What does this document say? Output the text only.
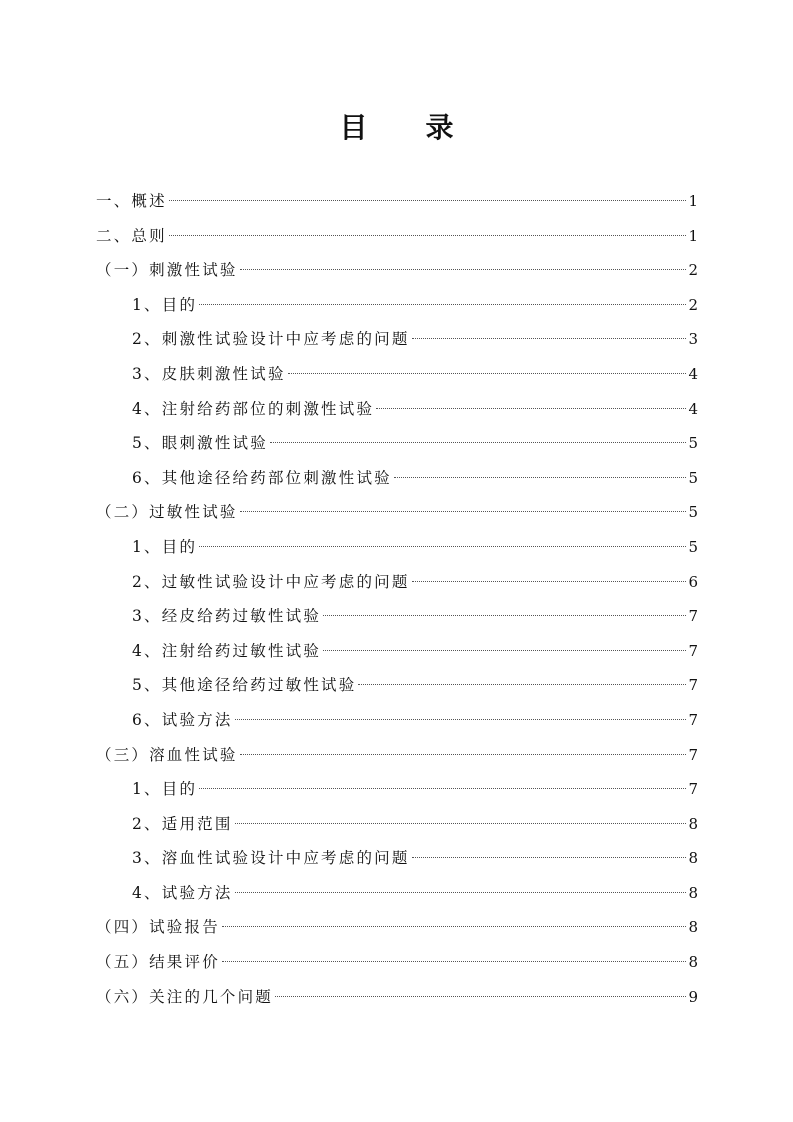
目 录
一、概述	1
二、总则	1
（一）刺激性试验	2
1、目的	2
2、刺激性试验设计中应考虑的问题	3
3、皮肤刺激性试验	4
4、注射给药部位的刺激性试验	4
5、眼刺激性试验	5
6、其他途径给药部位刺激性试验	5
（二）过敏性试验	5
1、目的	5
2、过敏性试验设计中应考虑的问题	6
3、经皮给药过敏性试验	7
4、注射给药过敏性试验	7
5、其他途径给药过敏性试验	7
6、试验方法	7
（三）溶血性试验	7
1、目的	7
2、适用范围	8
3、溶血性试验设计中应考虑的问题	8
4、试验方法	8
（四）试验报告	8
（五）结果评价	8
（六）关注的几个问题	9
